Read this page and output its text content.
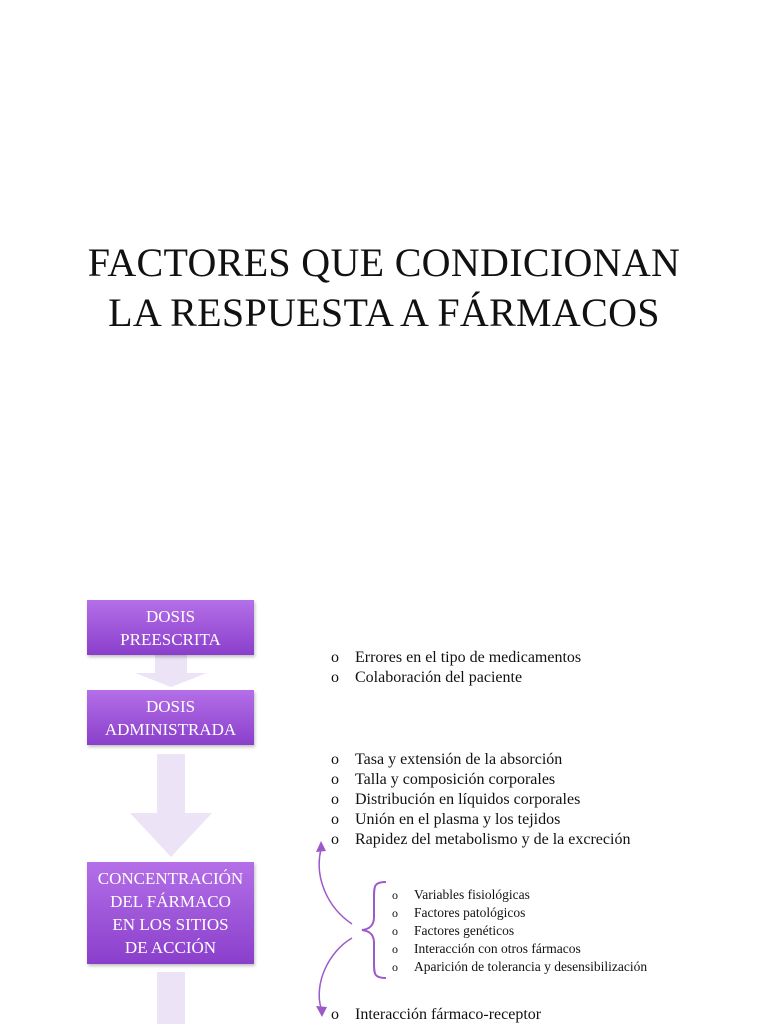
FACTORES QUE CONDICIONAN
LA RESPUESTA A FÁRMACOS
DOSIS
PREESCRITA
DOSIS
ADMINISTRADA
CONCENTRACIÓN
DEL FÁRMACO
EN LOS SITIOS
DE ACCIÓN
o Errores en el tipo de medicamentos
o Colaboración del paciente
o Tasa y extensión de la absorción
o Talla y composición corporales
o Distribución en líquidos corporales
o Unión en el plasma y los tejidos
o Rapidez del metabolismo y de la excreción
o Variables fisiológicas
o Factores patológicos
o Factores genéticos
o Interacción con otros fármacos
o Aparición de tolerancia y desensibilización
o Interacción fármaco-receptor
